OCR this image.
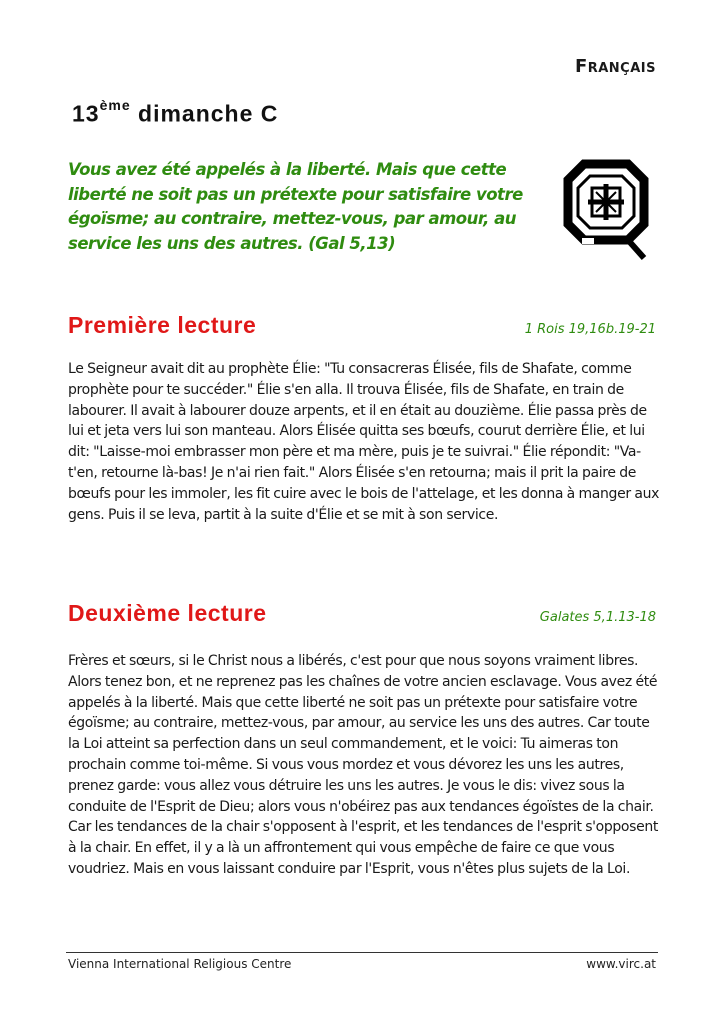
Français
13ème dimanche C
Vous avez été appelés à la liberté. Mais que cette liberté ne soit pas un prétexte pour satisfaire votre égoïsme; au contraire, mettez-vous, par amour, au service les uns des autres. (Gal 5,13)
Première lecture	1 Rois 19,16b.19-21
Le Seigneur avait dit au prophète Élie: "Tu consacreras Élisée, fils de Shafate, comme prophète pour te succéder." Élie s'en alla. Il trouva Élisée, fils de Shafate, en train de labourer. Il avait à labourer douze arpents, et il en était au douzième. Élie passa près de lui et jeta vers lui son manteau. Alors Élisée quitta ses bœufs, courut derrière Élie, et lui dit: "Laisse-moi embrasser mon père et ma mère, puis je te suivrai." Élie répondit: "Va-t'en, retourne là-bas! Je n'ai rien fait." Alors Élisée s'en retourna; mais il prit la paire de bœufs pour les immoler, les fit cuire avec le bois de l'attelage, et les donna à manger aux gens. Puis il se leva, partit à la suite d'Élie et se mit à son service.
Deuxième lecture	Galates 5,1.13-18
Frères et sœurs, si le Christ nous a libérés, c'est pour que nous soyons vraiment libres. Alors tenez bon, et ne reprenez pas les chaînes de votre ancien esclavage. Vous avez été appelés à la liberté. Mais que cette liberté ne soit pas un prétexte pour satisfaire votre égoïsme; au contraire, mettez-vous, par amour, au service les uns des autres. Car toute la Loi atteint sa perfection dans un seul commandement, et le voici: Tu aimeras ton prochain comme toi-même. Si vous vous mordez et vous dévorez les uns les autres, prenez garde: vous allez vous détruire les uns les autres. Je vous le dis: vivez sous la conduite de l'Esprit de Dieu; alors vous n'obéirez pas aux tendances égoïstes de la chair. Car les tendances de la chair s'opposent à l'esprit, et les tendances de l'esprit s'opposent à la chair. En effet, il y a là un affrontement qui vous empêche de faire ce que vous voudriez. Mais en vous laissant conduire par l'Esprit, vous n'êtes plus sujets de la Loi.
Vienna International Religious Centre	www.virc.at
